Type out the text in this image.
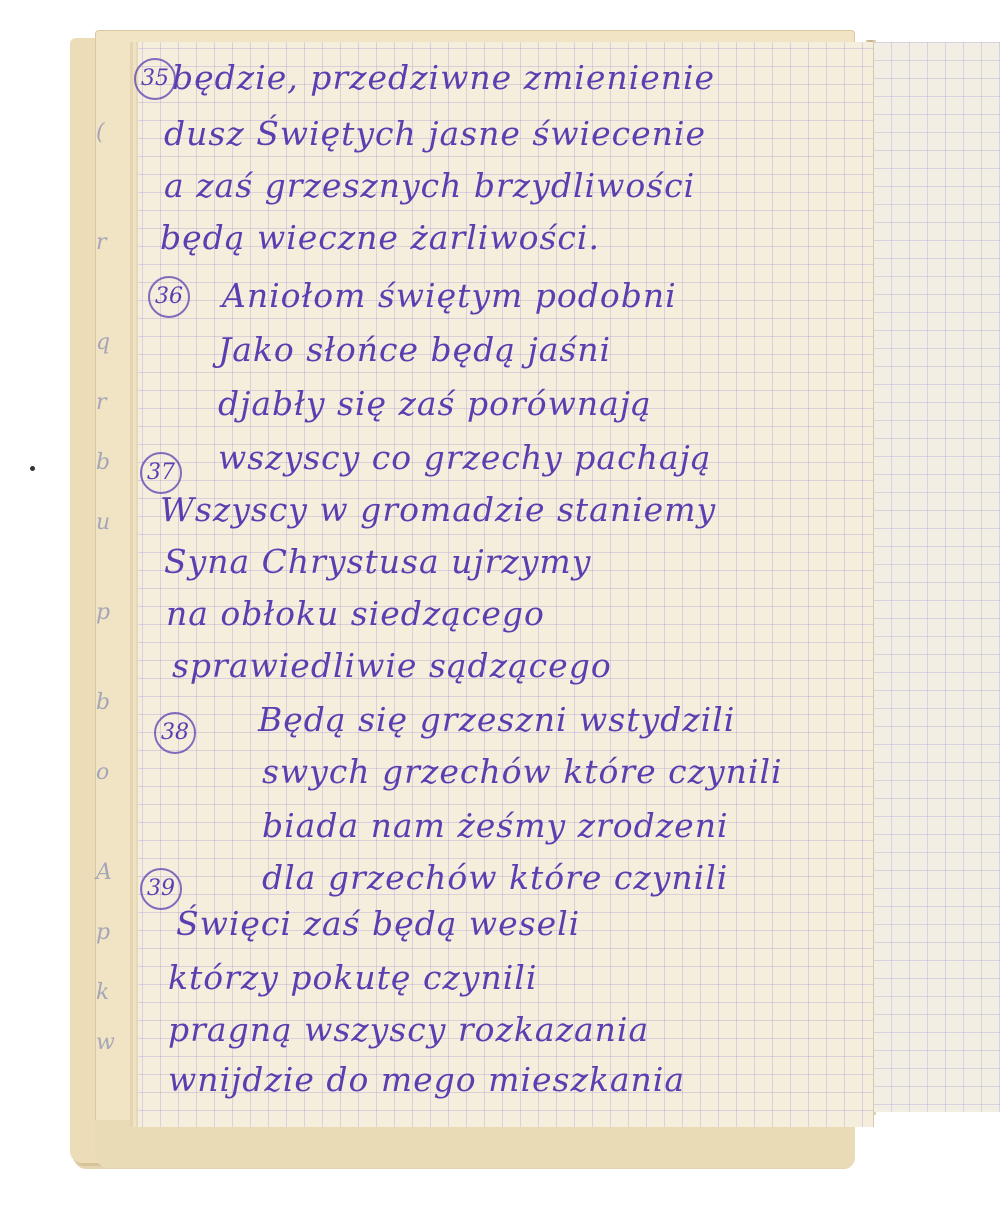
(
r
q
r
b
u
p
b
o
A
p
k
w
35 będzie, przedziwne zmienienie
dusz Świętych jasne świecenie
a zaś grzesznych brzydliwości
będą wieczne żarliwości.
36 Aniołom świętym podobni
Jako słońce będą jaśni
djabły się zaś porównają
wszyscy co grzechy pachają
37
Wszyscy w gromadzie staniemy
Syna Chrystusa ujrzymy
na obłoku siedzącego
sprawiedliwie sądzącego
38 Będą się grzeszni wstydzili
swych grzechów które czynili
biada nam żeśmy zrodzeni
dla grzechów które czynili
39
Święci zaś będą weseli
którzy pokutę czynili
pragną wszyscy rozkazania
wnijdzie do mego mieszkania
